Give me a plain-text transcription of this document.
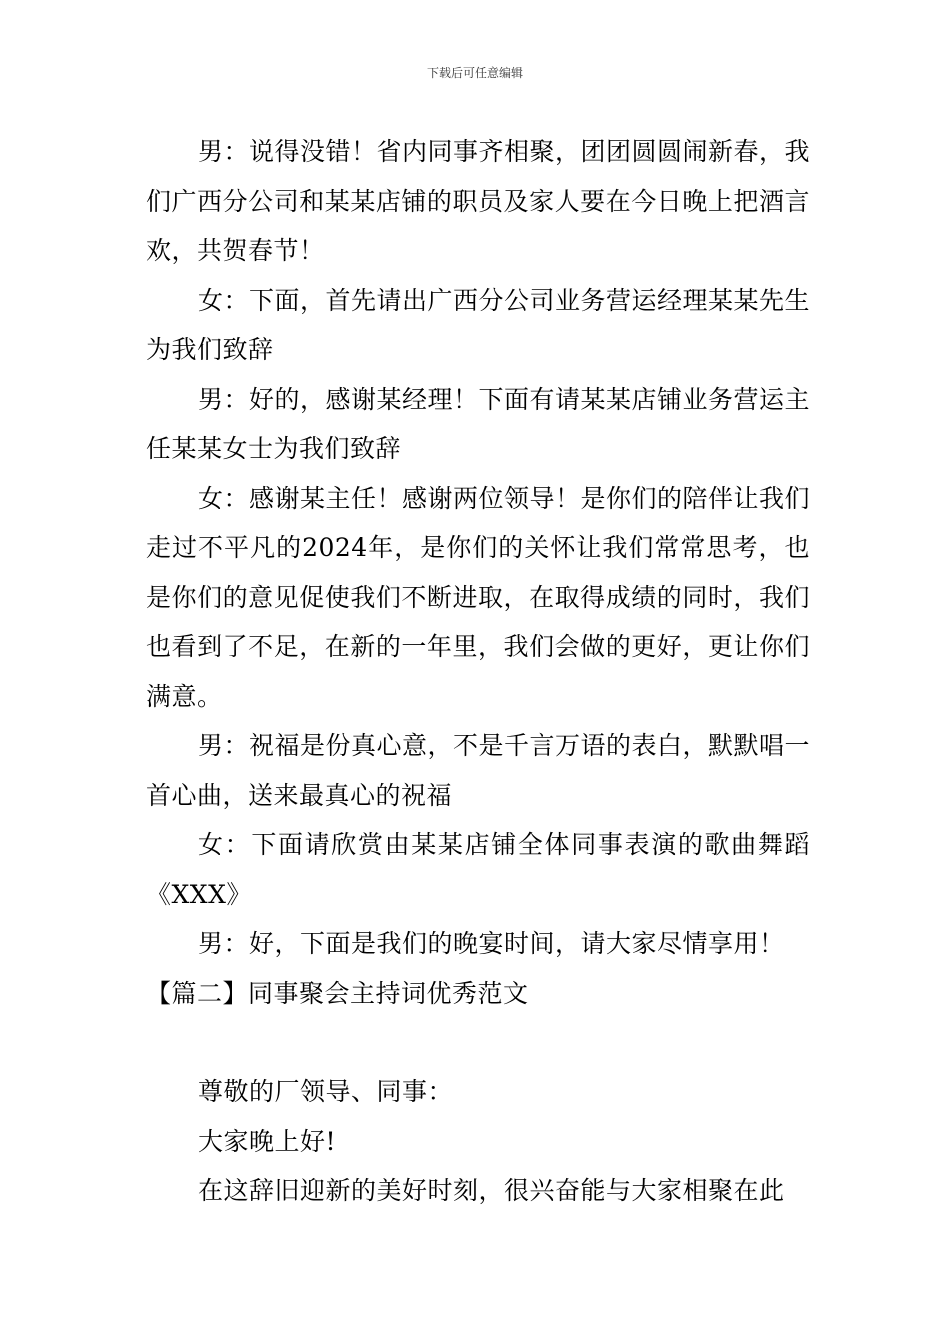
下载后可任意编辑

男：说得没错！省内同事齐相聚，团团圆圆闹新春，我们广西分公司和某某店铺的职员及家人要在今日晚上把酒言欢，共贺春节！

女：下面，首先请出广西分公司业务营运经理某某先生为我们致辞

男：好的，感谢某经理！下面有请某某店铺业务营运主任某某女士为我们致辞

女：感谢某主任！感谢两位领导！是你们的陪伴让我们走过不平凡的2024年，是你们的关怀让我们常常思考，也是你们的意见促使我们不断进取，在取得成绩的同时，我们也看到了不足，在新的一年里，我们会做的更好，更让你们满意。

男：祝福是份真心意，不是千言万语的表白，默默唱一首心曲，送来最真心的祝福

女：下面请欣赏由某某店铺全体同事表演的歌曲舞蹈《XXX》

男：好，下面是我们的晚宴时间，请大家尽情享用！

【篇二】同事聚会主持词优秀范文

尊敬的厂领导、同事：

大家晚上好!

在这辞旧迎新的美好时刻，很兴奋能与大家相聚在此
